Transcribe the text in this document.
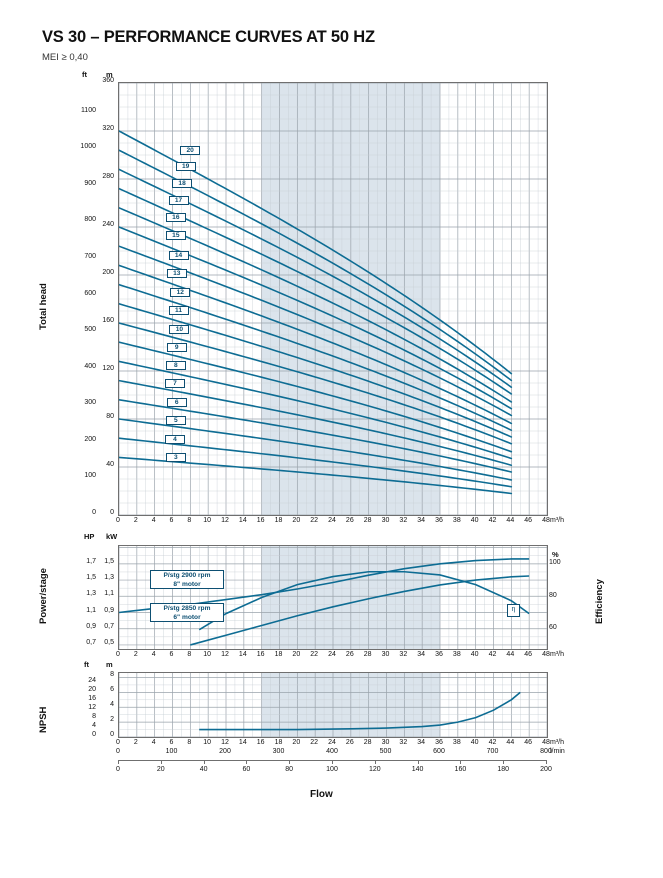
VS 30 – PERFORMANCE CURVES AT 50 HZ
MEI ≥ 0,40
ft	m
Total head
HP kW
%
Power/stage	Efficiency
P/stg 2900 rpm
8" motor
P/stg 2850 rpm
6" motor
η
ft m
NPSH
Flow
100
200
300
400
500
600
700
800
900
1000
1100
40
80
120
160
200
240
280
320
360
0
0
0	2	4	6	8	10	12	14	16	18	20	22	24	26	28	30	32	34	36	38	40	42	44	46	48 m³/h
20
19
18
17
16
15
14
13
12
11
10
9
8
7
6
5
4
3
0,5
0,7
0,7
0,9
0,9
1,1
1,1
1,3
1,3
1,5
1,5
1,7
60
80
100
0	2	4	6	8	10	12	14	16	18	20	22	24	26	28	30	32	34	36	38	40	42	44	46	48 m³/h
4
8
12
16
20
24
0
2
4
6
8
0
0	2	4	6	8	10	12	14	16	18	20	22	24	26	28	30	32	34	36	38	40	42	44	46	48 m³/h
0	20	40	60	80	100	120	140	160	180	200
0	100	200	300	400	500	600	700	800
l/min
